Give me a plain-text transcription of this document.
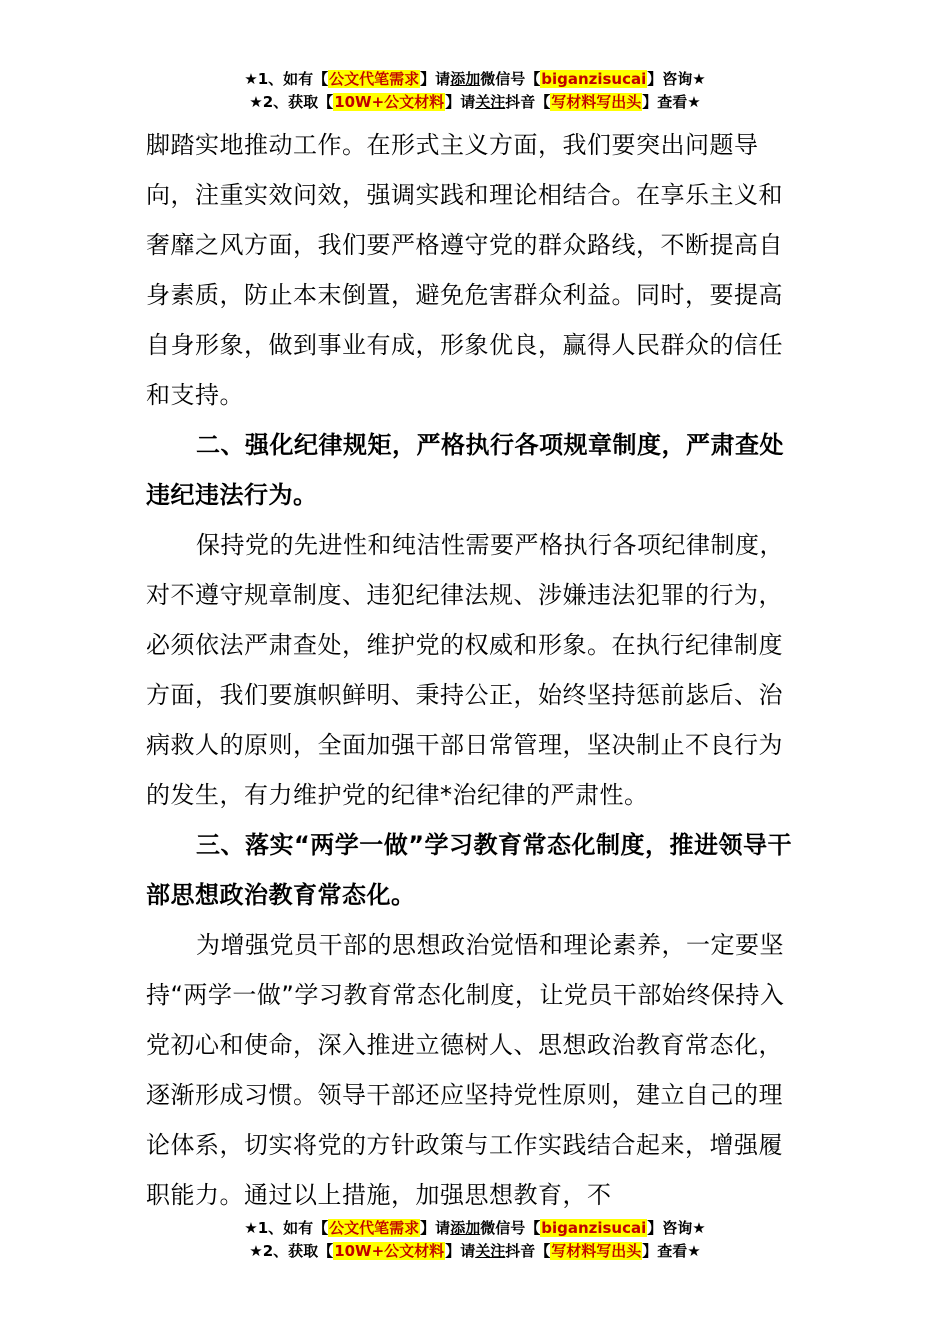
★1、如有【公文代笔需求】请添加微信号【biganzisucai】咨询★
★2、获取【10W+公文材料】请关注抖音【写材料写出头】查看★

脚踏实地推动工作。在形式主义方面，我们要突出问题导向，注重实效问效，强调实践和理论相结合。在享乐主义和奢靡之风方面，我们要严格遵守党的群众路线，不断提高自身素质，防止本末倒置，避免危害群众利益。同时，要提高自身形象，做到事业有成，形象优良，赢得人民群众的信任和支持。

二、强化纪律规矩，严格执行各项规章制度，严肃查处违纪违法行为。

保持党的先进性和纯洁性需要严格执行各项纪律制度，对不遵守规章制度、违犯纪律法规、涉嫌违法犯罪的行为，必须依法严肃查处，维护党的权威和形象。在执行纪律制度方面，我们要旗帜鲜明、秉持公正，始终坚持惩前毖后、治病救人的原则，全面加强干部日常管理，坚决制止不良行为的发生，有力维护党的纪律*治纪律的严肃性。

三、落实“两学一做”学习教育常态化制度，推进领导干部思想政治教育常态化。

为增强党员干部的思想政治觉悟和理论素养，一定要坚持“两学一做”学习教育常态化制度，让党员干部始终保持入党初心和使命，深入推进立德树人、思想政治教育常态化，逐渐形成习惯。领导干部还应坚持党性原则，建立自己的理论体系，切实将党的方针政策与工作实践结合起来，增强履职能力。通过以上措施，加强思想教育，不

★1、如有【公文代笔需求】请添加微信号【biganzisucai】咨询★
★2、获取【10W+公文材料】请关注抖音【写材料写出头】查看★
